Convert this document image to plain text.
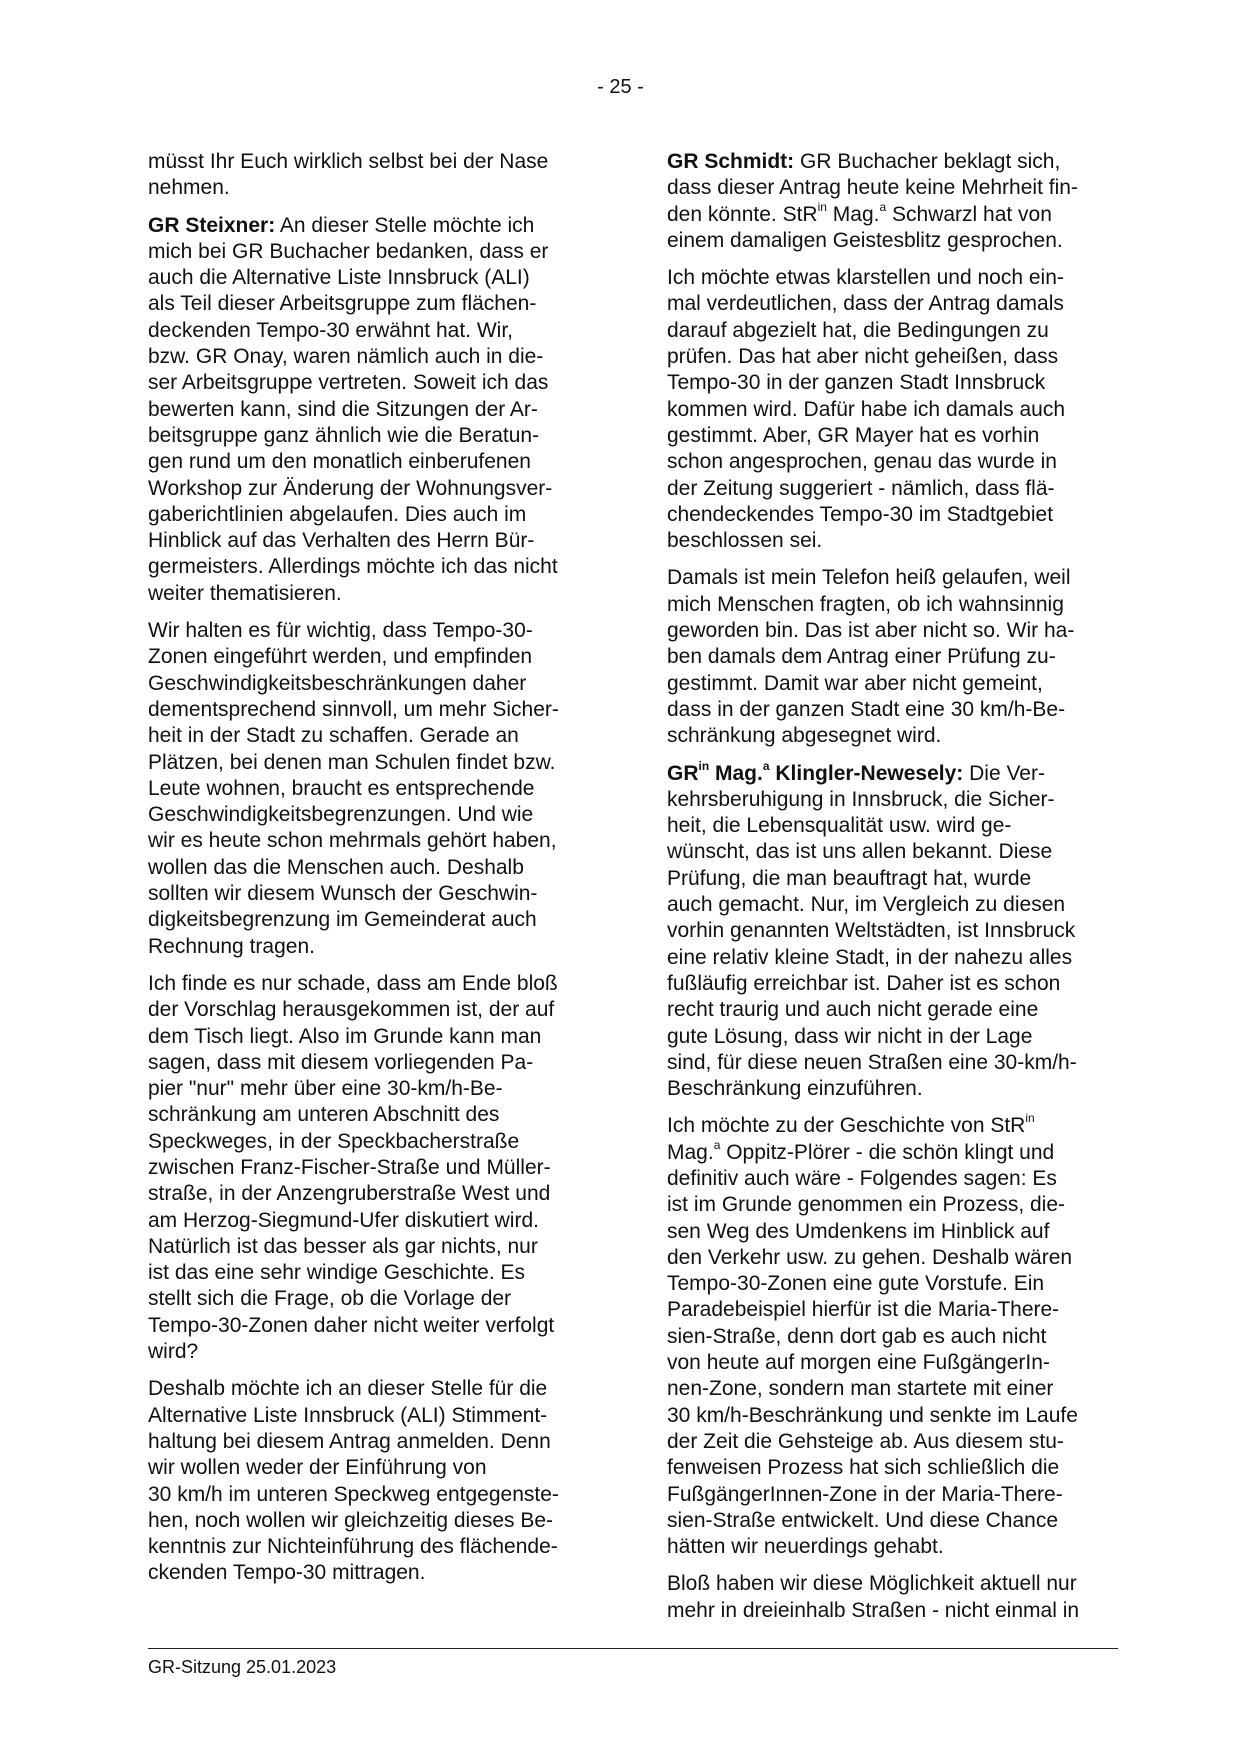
- 25 -
müsst Ihr Euch wirklich selbst bei der Nase
nehmen.
GR Steixner: An dieser Stelle möchte ich
mich bei GR Buchacher bedanken, dass er
auch die Alternative Liste Innsbruck (ALI)
als Teil dieser Arbeitsgruppe zum flächen-
deckenden Tempo-30 erwähnt hat. Wir,
bzw. GR Onay, waren nämlich auch in die-
ser Arbeitsgruppe vertreten. Soweit ich das
bewerten kann, sind die Sitzungen der Ar-
beitsgruppe ganz ähnlich wie die Beratun-
gen rund um den monatlich einberufenen
Workshop zur Änderung der Wohnungsver-
gaberichtlinien abgelaufen. Dies auch im
Hinblick auf das Verhalten des Herrn Bür-
germeisters. Allerdings möchte ich das nicht
weiter thematisieren.
Wir halten es für wichtig, dass Tempo-30-
Zonen eingeführt werden, und empfinden
Geschwindigkeitsbeschränkungen daher
dementsprechend sinnvoll, um mehr Sicher-
heit in der Stadt zu schaffen. Gerade an
Plätzen, bei denen man Schulen findet bzw.
Leute wohnen, braucht es entsprechende
Geschwindigkeitsbegrenzungen. Und wie
wir es heute schon mehrmals gehört haben,
wollen das die Menschen auch. Deshalb
sollten wir diesem Wunsch der Geschwin-
digkeitsbegrenzung im Gemeinderat auch
Rechnung tragen.
Ich finde es nur schade, dass am Ende bloß
der Vorschlag herausgekommen ist, der auf
dem Tisch liegt. Also im Grunde kann man
sagen, dass mit diesem vorliegenden Pa-
pier "nur" mehr über eine 30-km/h-Be-
schränkung am unteren Abschnitt des
Speckweges, in der Speckbacherstraße
zwischen Franz-Fischer-Straße und Müller-
straße, in der Anzengruberstraße West und
am Herzog-Siegmund-Ufer diskutiert wird.
Natürlich ist das besser als gar nichts, nur
ist das eine sehr windige Geschichte. Es
stellt sich die Frage, ob die Vorlage der
Tempo-30-Zonen daher nicht weiter verfolgt
wird?
Deshalb möchte ich an dieser Stelle für die
Alternative Liste Innsbruck (ALI) Stimment-
haltung bei diesem Antrag anmelden. Denn
wir wollen weder der Einführung von
30 km/h im unteren Speckweg entgegenste-
hen, noch wollen wir gleichzeitig dieses Be-
kenntnis zur Nichteinführung des flächende-
ckenden Tempo-30 mittragen.
GR Schmidt: GR Buchacher beklagt sich,
dass dieser Antrag heute keine Mehrheit fin-
den könnte. StR$^{in}$ Mag.$^a$ Schwarzl hat von
einem damaligen Geistesblitz gesprochen.
Ich möchte etwas klarstellen und noch ein-
mal verdeutlichen, dass der Antrag damals
darauf abgezielt hat, die Bedingungen zu
prüfen. Das hat aber nicht geheißen, dass
Tempo-30 in der ganzen Stadt Innsbruck
kommen wird. Dafür habe ich damals auch
gestimmt. Aber, GR Mayer hat es vorhin
schon angesprochen, genau das wurde in
der Zeitung suggeriert - nämlich, dass flä-
chendeckendes Tempo-30 im Stadtgebiet
beschlossen sei.
Damals ist mein Telefon heiß gelaufen, weil
mich Menschen fragten, ob ich wahnsinnig
geworden bin. Das ist aber nicht so. Wir ha-
ben damals dem Antrag einer Prüfung zu-
gestimmt. Damit war aber nicht gemeint,
dass in der ganzen Stadt eine 30 km/h-Be-
schränkung abgesegnet wird.
$GR^{in}$ Mag.$^a$ Klingler-Newesely: Die Ver-
kehrsberuhigung in Innsbruck, die Sicher-
heit, die Lebensqualität usw. wird ge-
wünscht, das ist uns allen bekannt. Diese
Prüfung, die man beauftragt hat, wurde
auch gemacht. Nur, im Vergleich zu diesen
vorhin genannten Weltstädten, ist Innsbruck
eine relativ kleine Stadt, in der nahezu alles
fußläufig erreichbar ist. Daher ist es schon
recht traurig und auch nicht gerade eine
gute Lösung, dass wir nicht in der Lage
sind, für diese neuen Straßen eine 30-km/h-
Beschränkung einzuführen.
Ich möchte zu der Geschichte von StR$^{in}$
Mag.$^a$ Oppitz-Plörer - die schön klingt und
definitiv auch wäre - Folgendes sagen: Es
ist im Grunde genommen ein Prozess, die-
sen Weg des Umdenkens im Hinblick auf
den Verkehr usw. zu gehen. Deshalb wären
Tempo-30-Zonen eine gute Vorstufe. Ein
Paradebeispiel hierfür ist die Maria-There-
sien-Straße, denn dort gab es auch nicht
von heute auf morgen eine FußgängerIn-
nen-Zone, sondern man startete mit einer
30 km/h-Beschränkung und senkte im Laufe
der Zeit die Gehsteige ab. Aus diesem stu-
fenweisen Prozess hat sich schließlich die
FußgängerInnen-Zone in der Maria-There-
sien-Straße entwickelt. Und diese Chance
hätten wir neuerdings gehabt.
Bloß haben wir diese Möglichkeit aktuell nur
mehr in dreieinhalb Straßen - nicht einmal in
GR-Sitzung 25.01.2023
